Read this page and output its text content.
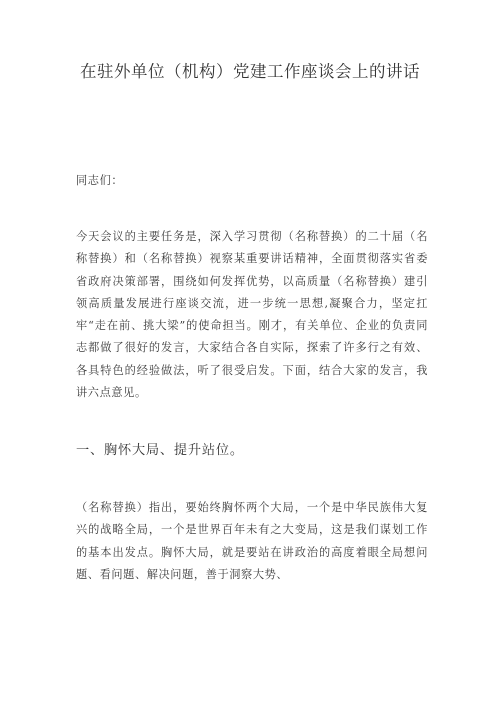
在驻外单位（机构）党建工作座谈会上的讲话
同志们：
今天会议的主要任务是，深入学习贯彻（名称替换）的二十届（名称替换）和（名称替换）视察某重要讲话精神，全面贯彻落实省委省政府决策部署，围绕如何发挥优势，以高质量（名称替换）建引领高质量发展进行座谈交流，进一步统一思想,凝聚合力，坚定扛牢“走在前、挑大梁”的使命担当。刚才，有关单位、企业的负责同志都做了很好的发言，大家结合各自实际，探索了许多行之有效、各具特色的经验做法，听了很受启发。下面，结合大家的发言，我讲六点意见。
一、胸怀大局、提升站位。
（名称替换）指出，要始终胸怀两个大局，一个是中华民族伟大复兴的战略全局，一个是世界百年未有之大变局，这是我们谋划工作的基本出发点。胸怀大局，就是要站在讲政治的高度着眼全局想问题、看问题、解决问题，善于洞察大势、
